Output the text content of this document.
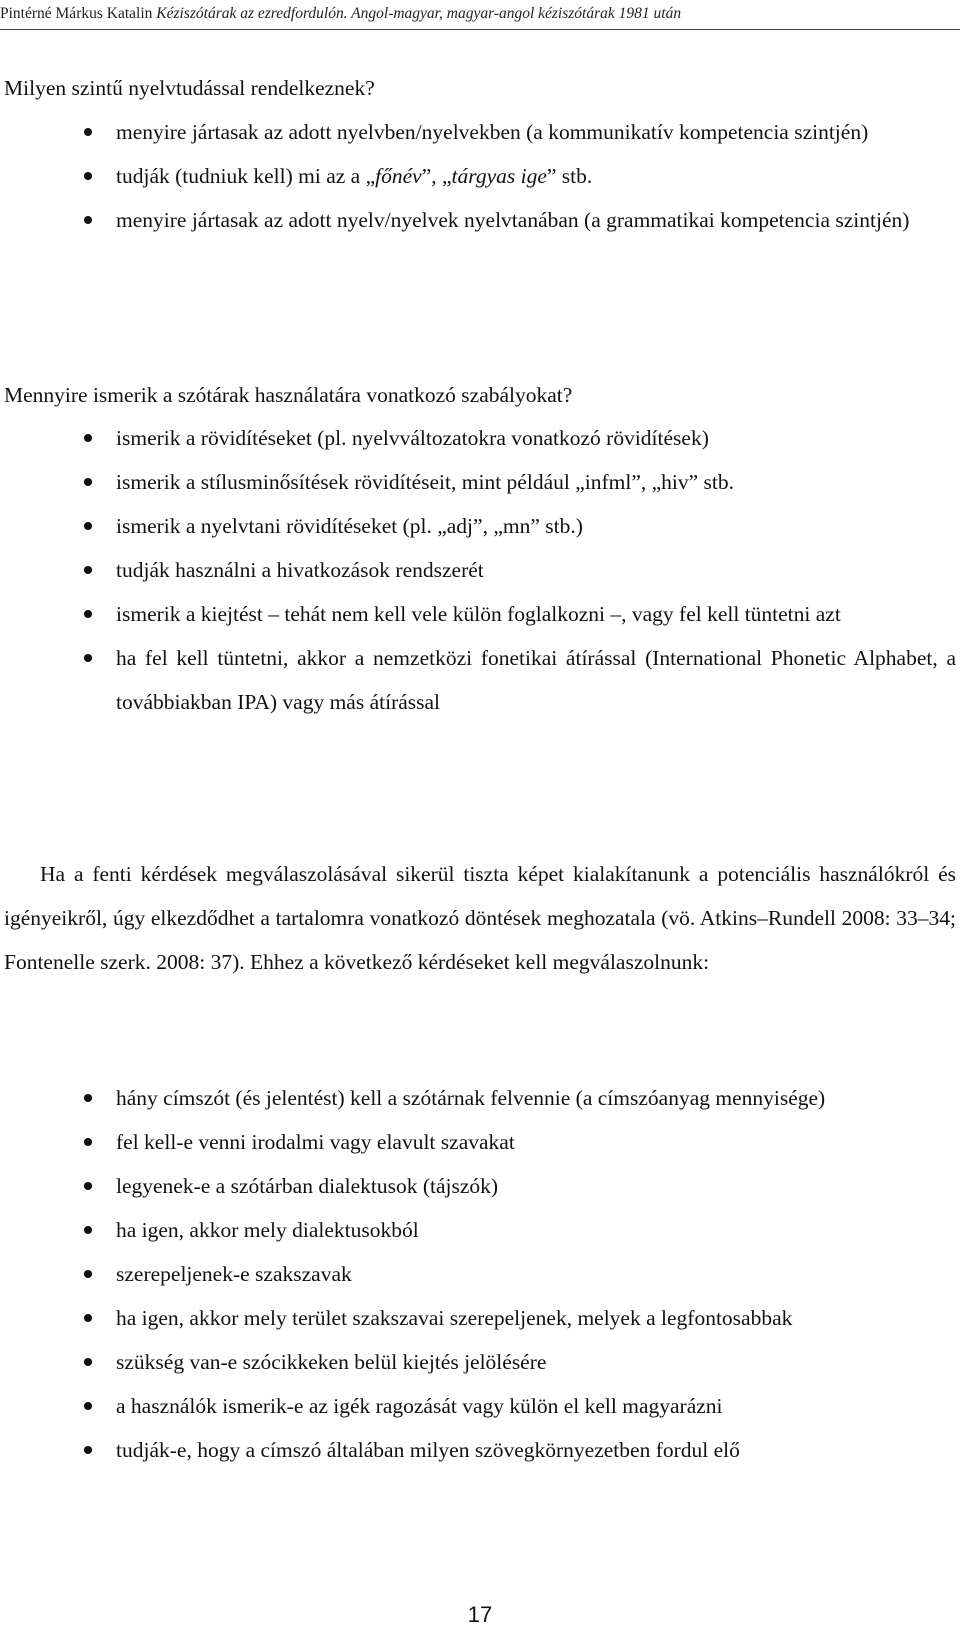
Pintérné Márkus Katalin Kéziszótárak az ezredfordulón. Angol-magyar, magyar-angol kéziszótárak 1981 után
Milyen szintű nyelvtudással rendelkeznek?
menyire jártasak az adott nyelvben/nyelvekben (a kommunikatív kompetencia szintjén)
tudják (tudniuk kell) mi az a „főnév”, „tárgyas ige” stb.
menyire jártasak az adott nyelv/nyelvek nyelvtanában (a grammatikai kompetencia szintjén)
Mennyire ismerik a szótárak használatára vonatkozó szabályokat?
ismerik a rövidítéseket (pl. nyelvváltozatokra vonatkozó rövidítések)
ismerik a stílusminősítések rövidítéseit, mint például „infml”, „hiv” stb.
ismerik a nyelvtani rövidítéseket (pl. „adj”, „mn” stb.)
tudják használni a hivatkozások rendszerét
ismerik a kiejtést – tehát nem kell vele külön foglalkozni –, vagy fel kell tüntetni azt
ha fel kell tüntetni, akkor a nemzetközi fonetikai átírással (International Phonetic Alphabet, a továbbiakban IPA) vagy más átírással

Ha a fenti kérdések megválaszolásával sikerül tiszta képet kialakítanunk a potenciális használókról és igényeikről, úgy elkezdődhet a tartalomra vonatkozó döntések meghozatala (vö. Atkins–Rundell 2008: 33–34; Fontenelle szerk. 2008: 37). Ehhez a következő kérdéseket kell megválaszolnunk:

hány címszót (és jelentést) kell a szótárnak felvennie (a címszóanyag mennyisége)
fel kell-e venni irodalmi vagy elavult szavakat
legyenek-e a szótárban dialektusok (tájszók)
ha igen, akkor mely dialektusokból
szerepeljenek-e szakszavak
ha igen, akkor mely terület szakszavai szerepeljenek, melyek a legfontosabbak
szükség van-e szócikkeken belül kiejtés jelölésére
a használók ismerik-e az igék ragozását vagy külön el kell magyarázni
tudják-e, hogy a címszó általában milyen szövegkörnyezetben fordul elő
17
